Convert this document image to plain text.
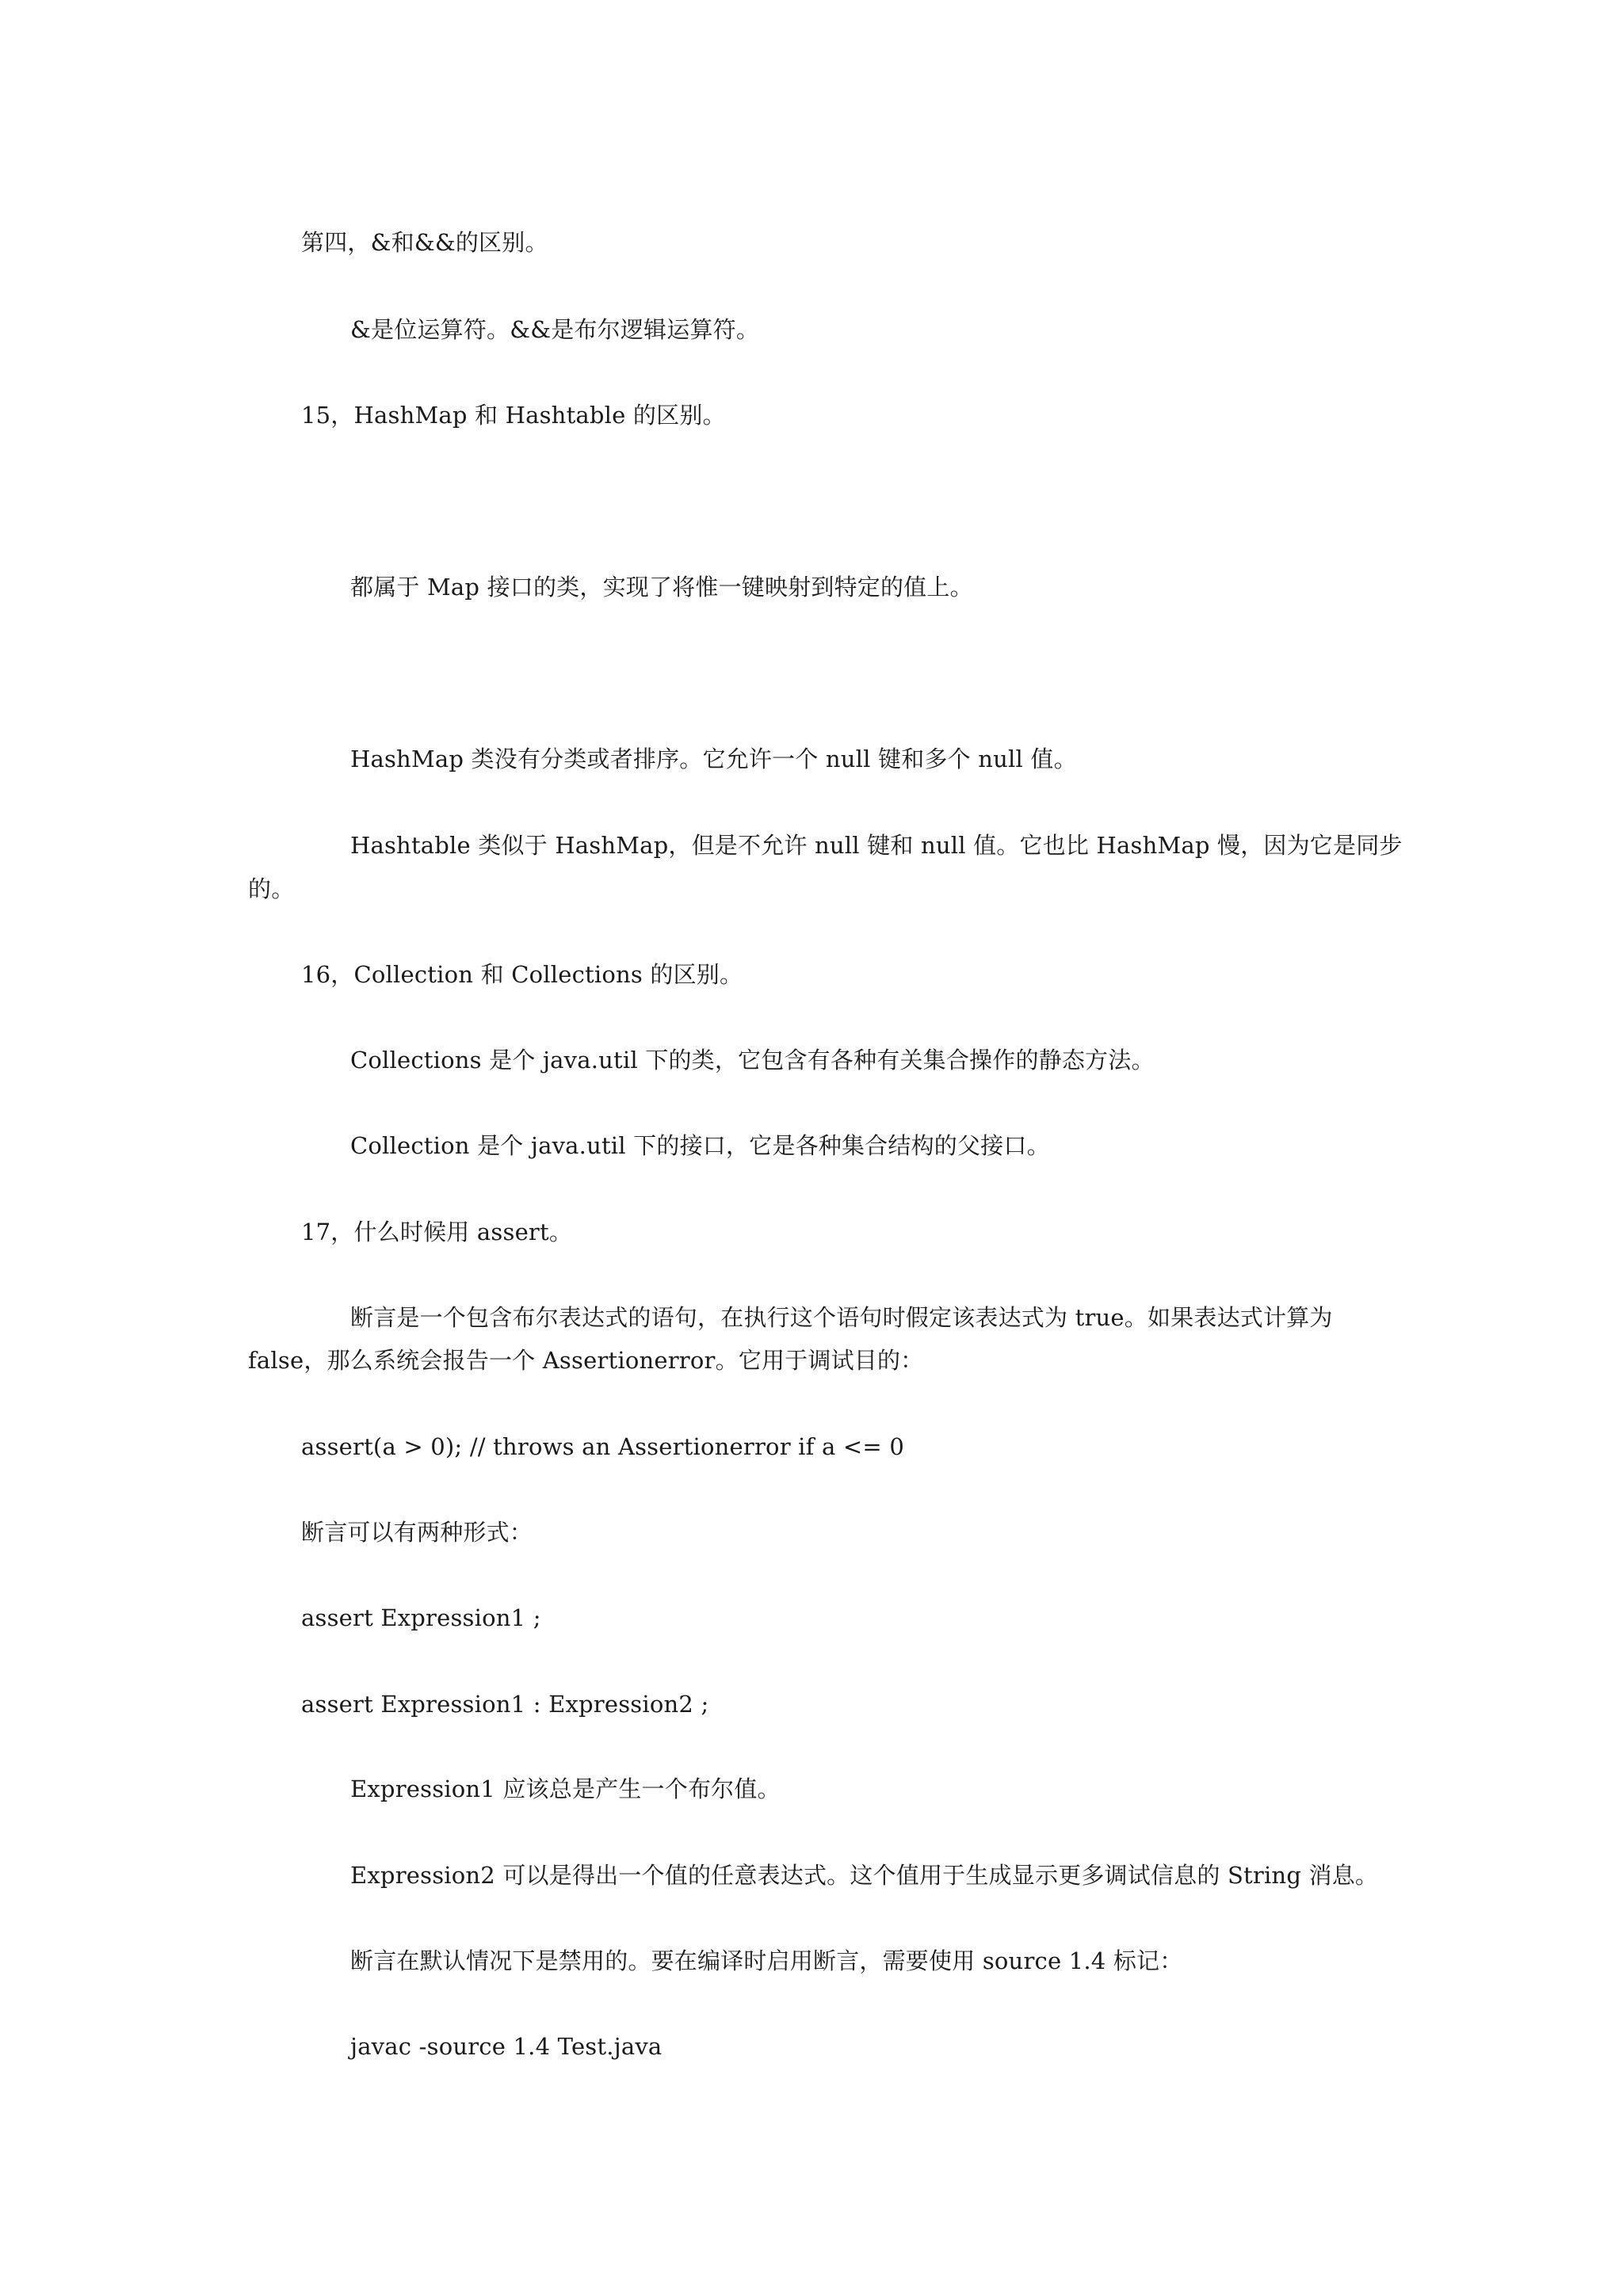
第四，&和&&的区别。
&是位运算符。&&是布尔逻辑运算符。
15，HashMap 和 Hashtable 的区别。
都属于 Map 接口的类，实现了将惟一键映射到特定的值上。
HashMap 类没有分类或者排序。它允许一个 null 键和多个 null 值。
Hashtable 类似于 HashMap，但是不允许 null 键和 null 值。它也比 HashMap 慢，因为它是同步
的。
16，Collection 和 Collections 的区别。
Collections 是个 java.util 下的类，它包含有各种有关集合操作的静态方法。
Collection 是个 java.util 下的接口，它是各种集合结构的父接口。
17，什么时候用 assert。
断言是一个包含布尔表达式的语句，在执行这个语句时假定该表达式为 true。如果表达式计算为
false，那么系统会报告一个 Assertionerror。它用于调试目的：
assert(a > 0); // throws an Assertionerror if a <= 0
断言可以有两种形式：
assert Expression1 ;
assert Expression1 : Expression2 ;
Expression1 应该总是产生一个布尔值。
Expression2 可以是得出一个值的任意表达式。这个值用于生成显示更多调试信息的 String 消息。
断言在默认情况下是禁用的。要在编译时启用断言，需要使用 source 1.4 标记：
javac -source 1.4 Test.java
